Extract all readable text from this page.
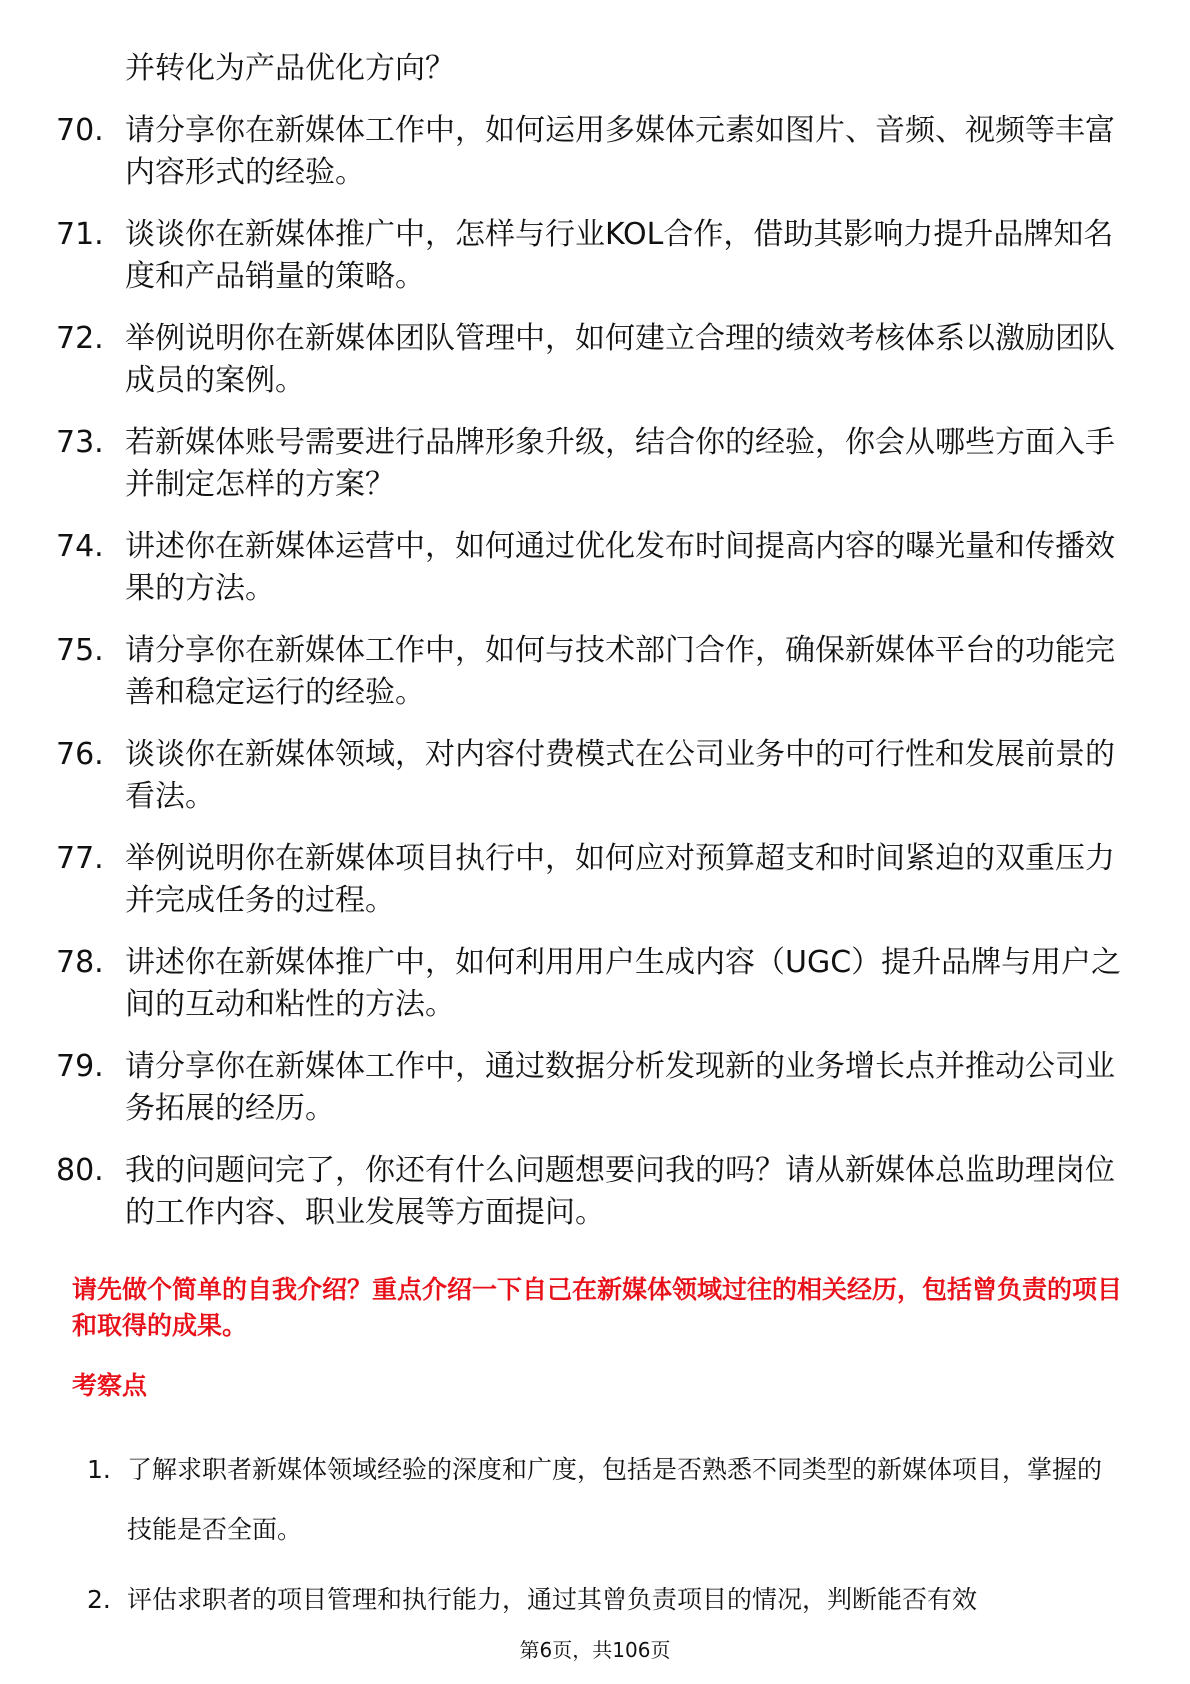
并转化为产品优化方向？
70. 请分享你在新媒体工作中，如何运用多媒体元素如图片、音频、视频等丰富内容形式的经验。
71. 谈谈你在新媒体推广中，怎样与行业KOL合作，借助其影响力提升品牌知名度和产品销量的策略。
72. 举例说明你在新媒体团队管理中，如何建立合理的绩效考核体系以激励团队成员的案例。
73. 若新媒体账号需要进行品牌形象升级，结合你的经验，你会从哪些方面入手并制定怎样的方案？
74. 讲述你在新媒体运营中，如何通过优化发布时间提高内容的曝光量和传播效果的方法。
75. 请分享你在新媒体工作中，如何与技术部门合作，确保新媒体平台的功能完善和稳定运行的经验。
76. 谈谈你在新媒体领域，对内容付费模式在公司业务中的可行性和发展前景的看法。
77. 举例说明你在新媒体项目执行中，如何应对预算超支和时间紧迫的双重压力并完成任务的过程。
78. 讲述你在新媒体推广中，如何利用用户生成内容（UGC）提升品牌与用户之间的互动和粘性的方法。
79. 请分享你在新媒体工作中，通过数据分析发现新的业务增长点并推动公司业务拓展的经历。
80. 我的问题问完了，你还有什么问题想要问我的吗？请从新媒体总监助理岗位的工作内容、职业发展等方面提问。
请先做个简单的自我介绍？重点介绍一下自己在新媒体领域过往的相关经历，包括曾负责的项目和取得的成果。
考察点
1. 了解求职者新媒体领域经验的深度和广度，包括是否熟悉不同类型的新媒体项目，掌握的技能是否全面。
2. 评估求职者的项目管理和执行能力，通过其曾负责项目的情况，判断能否有效
第6页，共106页
